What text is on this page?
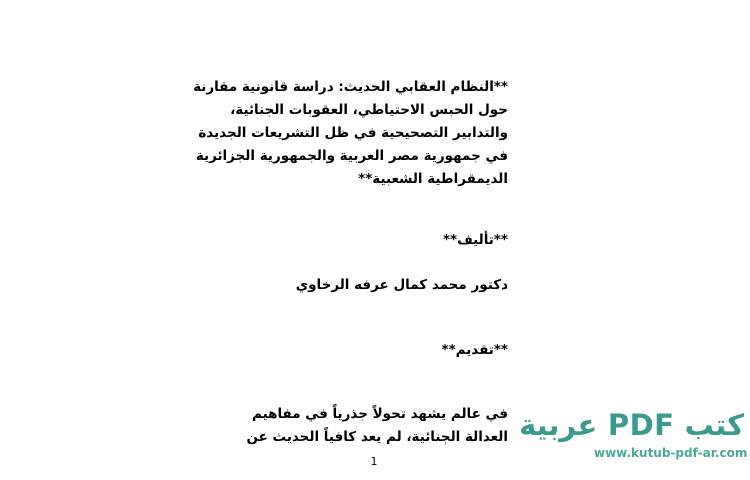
**النظام العقابي الحديث: دراسة قانونية مقارنة
حول الحبس الاحتياطي، العقوبات الجنائية،
والتدابير التصحيحية في ظل التشريعات الجديدة
في جمهورية مصر العربية والجمهورية الجزائرية
الديمقراطية الشعبية**
**تأليف**
دكتور محمد كمال عرفه الرخاوي
**تقديم**
في عالم يشهد تحولاً جذرياً في مفاهيم
العدالة الجنائية، لم يعد كافياً الحديث عن
1
كتب PDF عربية
www.kutub-pdf-ar.com
